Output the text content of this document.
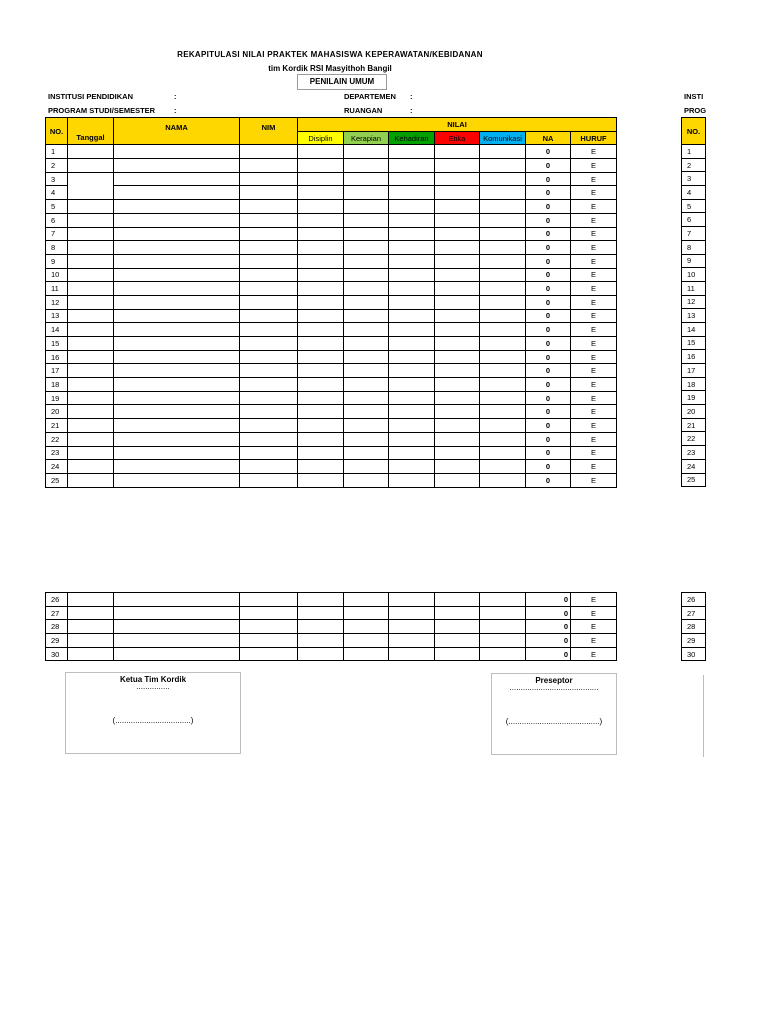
REKAPITULASI NILAI PRAKTEK MAHASISWA KEPERAWATAN/KEBIDANAN
tim Kordik RSI Masyithoh Bangil
PENILAIN UMUM
INSTITUSI PENDIDIKAN	:
PROGRAM STUDI/SEMESTER	:
DEPARTEMEN :
RUANGAN	:
NO.	Tanggal	NAMA	NIM	NILAI						
				Disiplin	Kerapian	Kehadiran	Etika	Komunikasi	NA	HURUF
1									0	E
2									0	E
3									0	E
4									0	E
5									0	E
6									0	E
7									0	E
8									0	E
9									0	E
10									0	E
11									0	E
12									0	E
13									0	E
14									0	E
15									0	E
16									0	E
17									0	E
18									0	E
19									0	E
20									0	E
21									0	E
22									0	E
23									0	E
24									0	E
25									0	E
26									0	E
27									0	E
28									0	E
29									0	E
30									0	E
INSTI
PROG
NO.

1
2
3
4
5
6
7
8
9
10
11
12
13
14
15
16
17
18
19
20
21
22
23
24
25
26
27
28
29
30
Ketua Tim Kordik
...............
(..................................)
Preseptor
........................................
(.........................................)
